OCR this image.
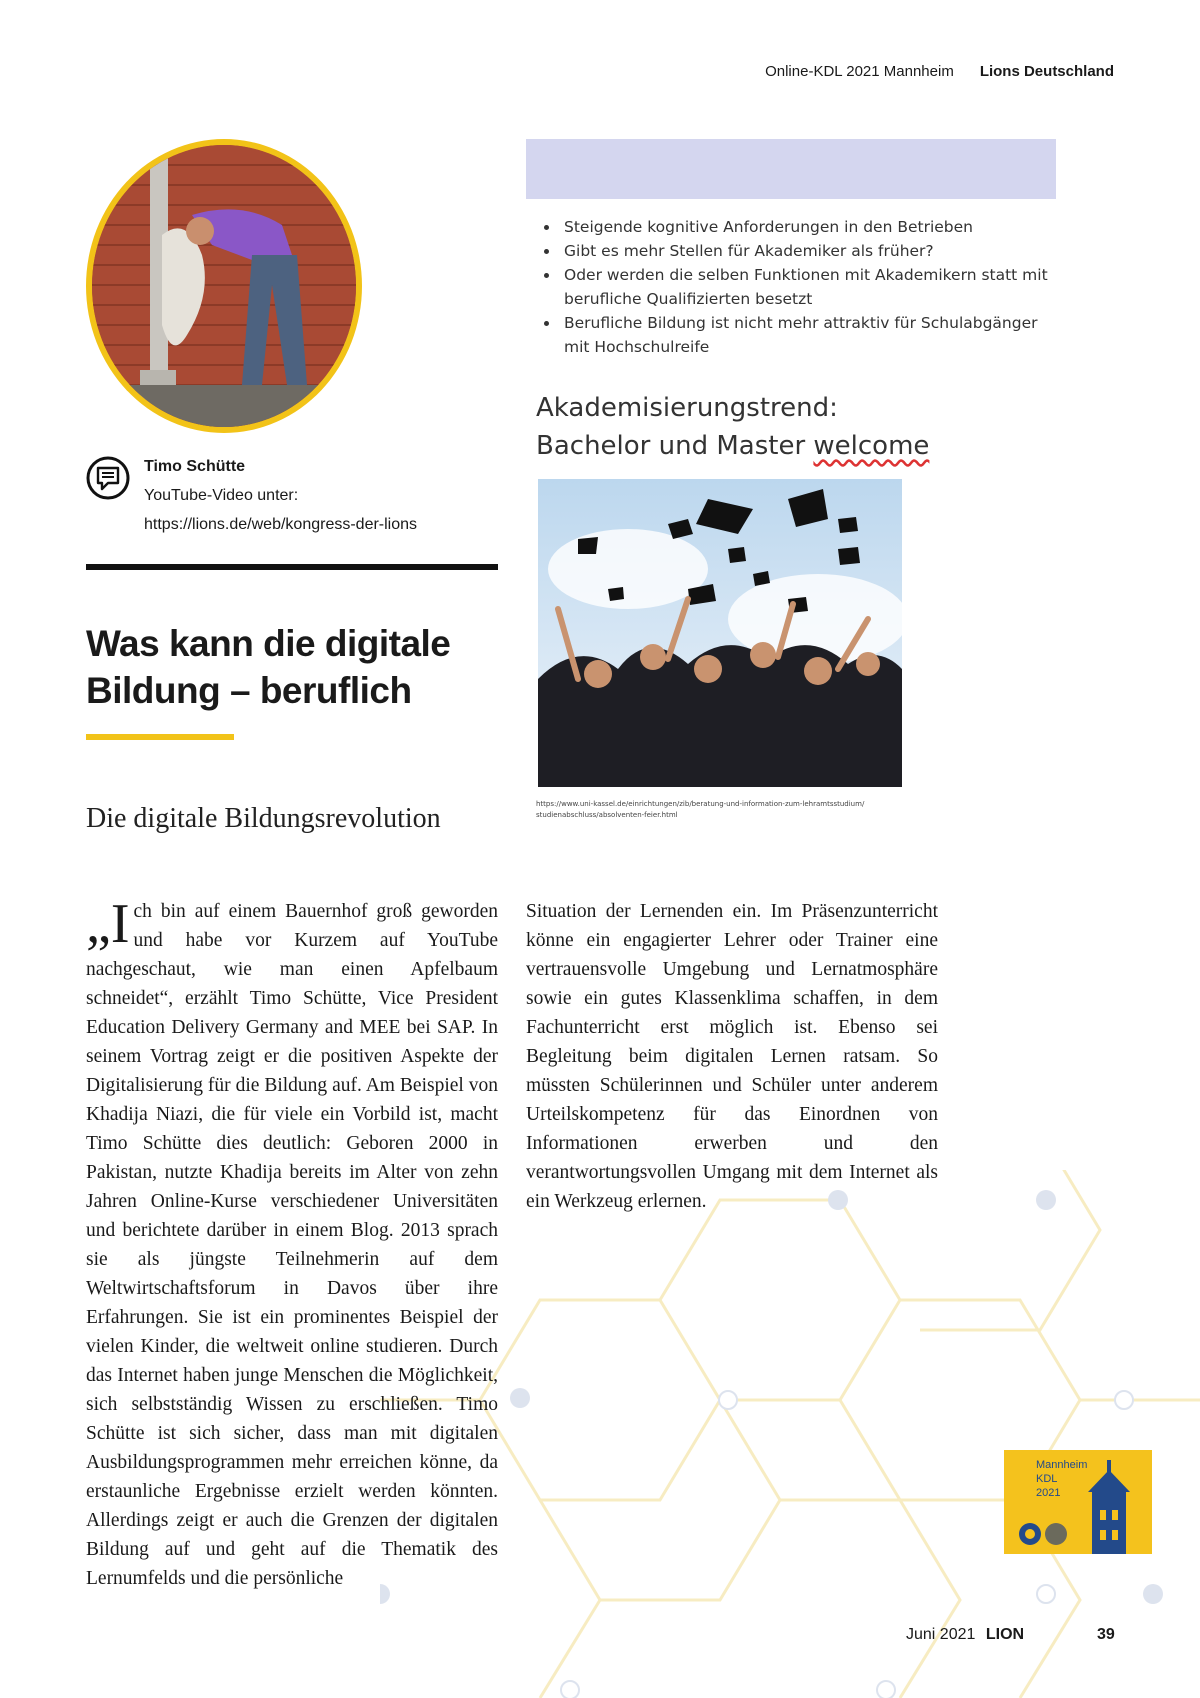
Online-KDL 2021 Mannheim Lions Deutschland
Timo Schütte
YouTube-Video unter:
https://lions.de/web/kongress-der-lions
Was kann die digitale Bildung – beruflich
Die digitale Bildungsrevolution
• Steigende kognitive Anforderungen in den Betrieben
• Gibt es mehr Stellen für Akademiker als früher?
• Oder werden die selben Funktionen mit Akademikern statt mit berufliche Qualifizierten besetzt
• Berufliche Bildung ist nicht mehr attraktiv für Schulabgänger mit Hochschulreife
Akademisierungstrend:
Bachelor und Master welcome
https://www.uni-kassel.de/einrichtungen/zib/beratung-und-information-zum-lehramtsstudium/
studienabschluss/absolventen-feier.html

„I ch bin auf einem Bauernhof groß geworden und habe vor Kurzem auf YouTube nachgeschaut, wie man einen Apfelbaum schneidet“, erzählt Timo Schütte, Vice President Education Delivery Germany and MEE bei SAP. In seinem Vortrag zeigt er die positiven Aspekte der Digitalisierung für die Bildung auf. Am Beispiel von Khadija Niazi, die für viele ein Vorbild ist, macht Timo Schütte dies deutlich: Geboren 2000 in Pakistan, nutzte Khadija bereits im Alter von zehn Jahren Online-Kurse verschiedener Universitäten und berichtete darüber in einem Blog. 2013 sprach sie als jüngste Teilnehmerin auf dem Weltwirtschaftsforum in Davos über ihre Erfahrungen. Sie ist ein prominentes Beispiel der vielen Kinder, die weltweit online studieren. Durch das Internet haben junge Menschen die Möglichkeit, sich selbstständig Wissen zu erschließen. Timo Schütte ist sich sicher, dass man mit digitalen Ausbildungsprogrammen mehr erreichen könne, da erstaunliche Ergebnisse erzielt werden könnten. Allerdings zeigt er auch die Grenzen der digitalen Bildung auf und geht auf die Thematik des Lernumfelds und die persönliche

Situation der Lernenden ein. Im Präsenzunterricht könne ein engagierter Lehrer oder Trainer eine vertrauensvolle Umgebung und Lernatmosphäre sowie ein gutes Klassenklima schaffen, in dem Fachunterricht erst möglich ist. Ebenso sei Begleitung beim digitalen Lernen ratsam. So müssten Schülerinnen und Schüler unter anderem Urteilskompetenz für das Einordnen von Informationen erwerben und den verantwortungsvollen Umgang mit dem Internet als ein Werkzeug erlernen.

Mannheim
KDL
2021
Juni 2021 LION	39
